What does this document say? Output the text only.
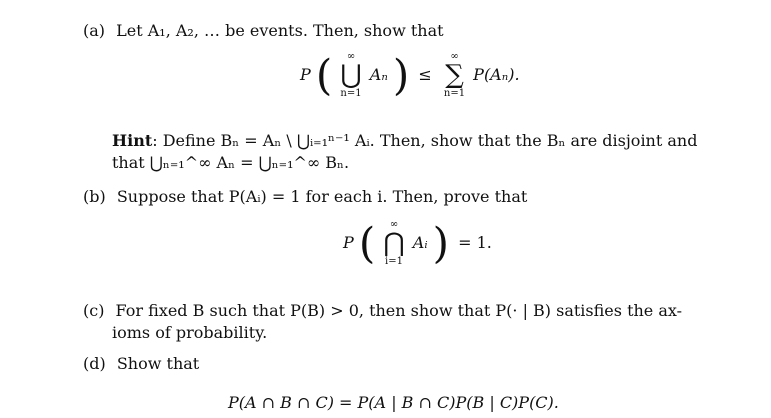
(a) Let A₁, A₂, … be events. Then, show that
P ( ∞
⋃
n=1
Aₙ ) ≤
∞
∑
n=1
P(Aₙ).
Hint: Define Bₙ = Aₙ \ ⋃ᵢ₌₁ⁿ⁻¹ Aᵢ. Then, show that the Bₙ are disjoint and
that ⋃ₙ₌₁^∞ Aₙ = ⋃ₙ₌₁^∞ Bₙ.
(b) Suppose that P(Aᵢ) = 1 for each i. Then, prove that
P ( ∞
⋂
i=1
Aᵢ ) = 1.
(c) For fixed B such that P(B) > 0, then show that P(· | B) satisfies the ax-
ioms of probability.
(d) Show that
P(A ∩ B ∩ C) = P(A | B ∩ C)P(B | C)P(C).
